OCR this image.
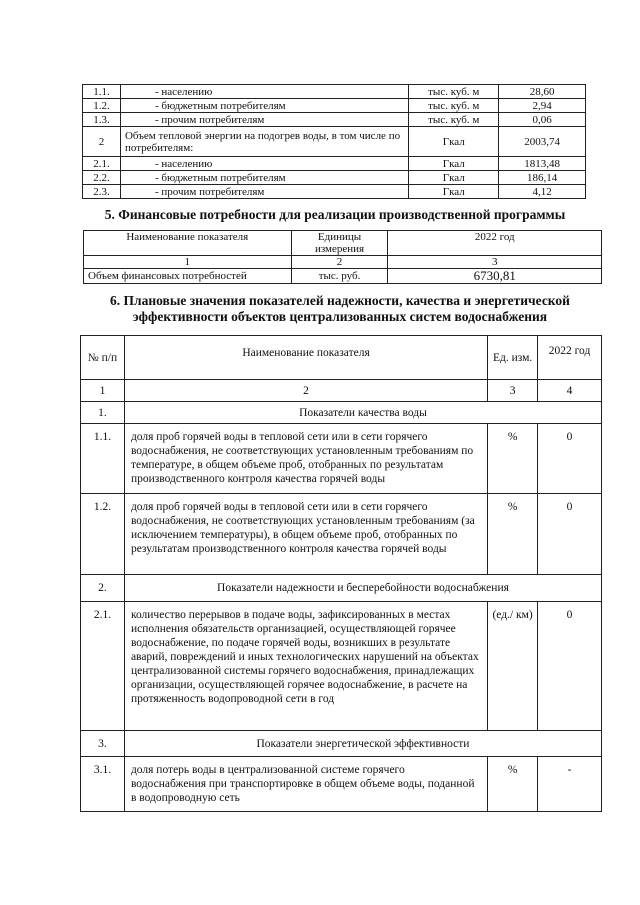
1.1.	- населению	тыс. куб. м	28,60
1.2.	- бюджетным потребителям	тыс. куб. м	2,94
1.3.	- прочим потребителям	тыс. куб. м	0,06
2	Объем тепловой энергии на подогрев воды, в том числе по потребителям:	Гкал	2003,74
2.1.	- населению	Гкал	1813,48
2.2.	- бюджетным потребителям	Гкал	186,14
2.3.	- прочим потребителям	Гкал	4,12
5. Финансовые потребности для реализации производственной программы
Наименование показателя	Единицы измерения	2022 год
1	2	3
Объем финансовых потребностей	тыс. руб.	6730,81
6. Плановые значения показателей надежности, качества и энергетической эффективности объектов централизованных систем водоснабжения
№ п/п	Наименование показателя	Ед. изм.	2022 год
1	2	3	4
1.	Показатели качества воды		
1.1.	доля проб горячей воды в тепловой сети или в сети горячего водоснабжения, не соответствующих установленным требованиям по температуре, в общем объеме проб, отобранных по результатам производственного контроля качества горячей воды	%	0
1.2.	доля проб горячей воды в тепловой сети или в сети горячего водоснабжения, не соответствующих установленным требованиям (за исключением температуры), в общем объеме проб, отобранных по результатам производственного контроля качества горячей воды	%	0
2.	Показатели надежности и бесперебойности водоснабжения		
2.1.	количество перерывов в подаче воды, зафиксированных в местах исполнения обязательств организацией, осуществляющей горячее водоснабжение, по подаче горячей воды, возникших в результате аварий, повреждений и иных технологических нарушений на объектах централизованной системы горячего водоснабжения, принадлежащих организации, осуществляющей горячее водоснабжение, в расчете на протяженность водопроводной сети в год	(ед./ км)	0
3.	Показатели энергетической эффективности		
3.1.	доля потерь воды в централизованной системе горячего водоснабжения при транспортировке в общем объеме воды, поданной в водопроводную сеть	%	-
